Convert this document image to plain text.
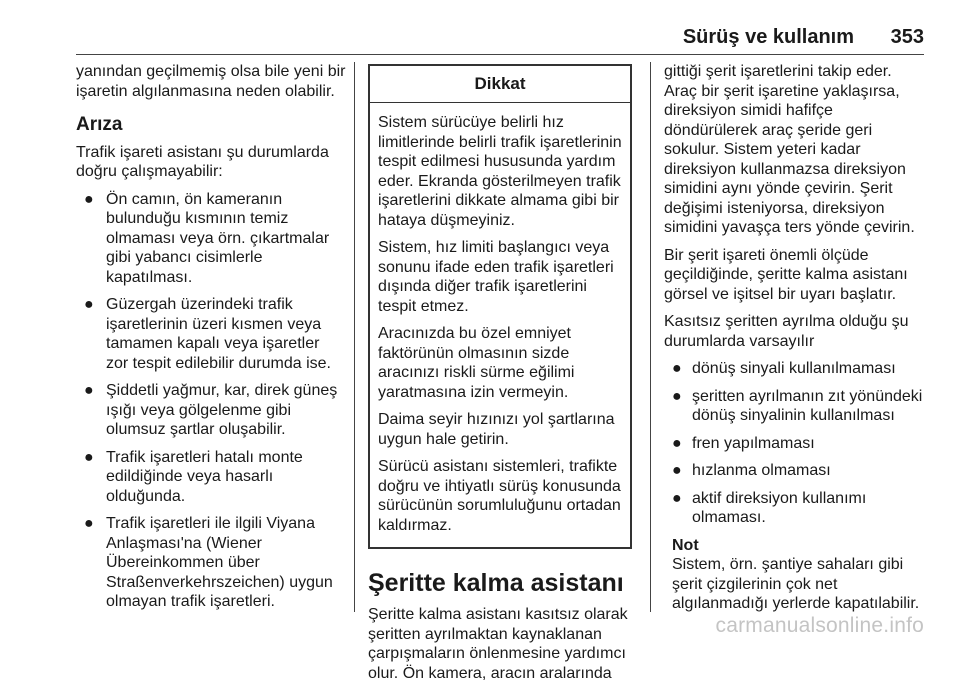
Sürüş ve kullanım 353

yanından geçilmemiş olsa bile yeni bir işaretin algılanmasına neden olabilir.

Arıza

Trafik işareti asistanı şu durumlarda doğru çalışmayabilir:

● Ön camın, ön kameranın bulunduğu kısmının temiz olmaması veya örn. çıkartmalar gibi yabancı cisimlerle kapatılması.
● Güzergah üzerindeki trafik işaretlerinin üzeri kısmen veya tamamen kapalı veya işaretler zor tespit edilebilir durumda ise.
● Şiddetli yağmur, kar, direk güneş ışığı veya gölgelenme gibi olumsuz şartlar oluşabilir.
● Trafik işaretleri hatalı monte edildiğinde veya hasarlı olduğunda.
● Trafik işaretleri ile ilgili Viyana Anlaşması'na (Wiener Übereinkommen über Straßenverkehrszeichen) uygun olmayan trafik işaretleri.
Dikkat

Sistem sürücüye belirli hız limitlerinde belirli trafik işaretlerinin tespit edilmesi hususunda yardım eder. Ekranda gösterilmeyen trafik işaretlerini dikkate almama gibi bir hataya düşmeyiniz.

Sistem, hız limiti başlangıcı veya sonunu ifade eden trafik işaretleri dışında diğer trafik işaretlerini tespit etmez.

Aracınızda bu özel emniyet faktörünün olmasının sizde aracınızı riskli sürme eğilimi yaratmasına izin vermeyin.

Daima seyir hızınızı yol şartlarına uygun hale getirin.

Sürücü asistanı sistemleri, trafikte doğru ve ihtiyatlı sürüş konusunda sürücünün sorumluluğunu ortadan kaldırmaz.

Şeritte kalma asistanı

Şeritte kalma asistanı kasıtsız olarak şeritten ayrılmaktan kaynaklanan çarpışmaların önlenmesine yardımcı olur. Ön kamera, aracın aralarında

gittiği şerit işaretlerini takip eder. Araç bir şerit işaretine yaklaşırsa, direksiyon simidi hafifçe döndürülerek araç şeride geri sokulur. Sistem yeteri kadar direksiyon kullanmazsa direksiyon simidini aynı yönde çevirin. Şerit değişimi isteniyorsa, direksiyon simidini yavaşça ters yönde çevirin.

Bir şerit işareti önemli ölçüde geçildiğinde, şeritte kalma asistanı görsel ve işitsel bir uyarı başlatır.

Kasıtsız şeritten ayrılma olduğu şu durumlarda varsayılır

● dönüş sinyali kullanılmaması
● şeritten ayrılmanın zıt yönündeki dönüş sinyalinin kullanılması
● fren yapılmaması
● hızlanma olmaması
● aktif direksiyon kullanımı olmaması.
Not
Sistem, örn. şantiye sahaları gibi şerit çizgilerinin çok net algılanmadığı yerlerde kapatılabilir.
carmanualsonline.info
